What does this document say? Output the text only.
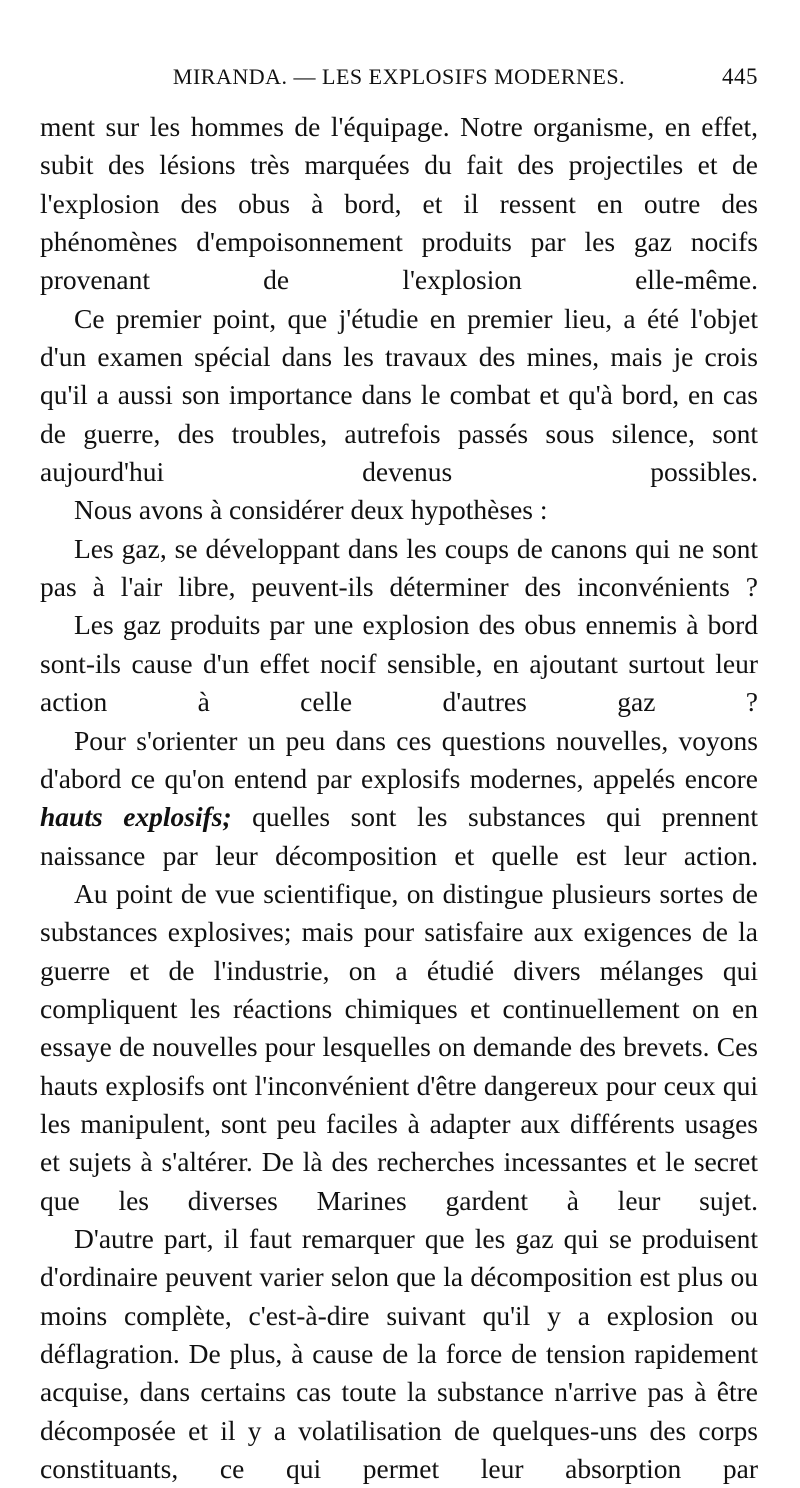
MIRANDA. — LES EXPLOSIFS MODERNES.	445

ment sur les hommes de l'équipage. Notre organisme, en effet, subit des lésions très marquées du fait des projectiles et de l'explosion des obus à bord, et il ressent en outre des phénomènes d'empoisonnement produits par les gaz nocifs provenant de l'explosion elle-même.

Ce premier point, que j'étudie en premier lieu, a été l'objet d'un examen spécial dans les travaux des mines, mais je crois qu'il a aussi son importance dans le combat et qu'à bord, en cas de guerre, des troubles, autrefois passés sous silence, sont aujourd'hui devenus possibles.

Nous avons à considérer deux hypothèses :

Les gaz, se développant dans les coups de canons qui ne sont pas à l'air libre, peuvent-ils déterminer des inconvénients ?

Les gaz produits par une explosion des obus ennemis à bord sont-ils cause d'un effet nocif sensible, en ajoutant surtout leur action à celle d'autres gaz ?

Pour s'orienter un peu dans ces questions nouvelles, voyons d'abord ce qu'on entend par explosifs modernes, appelés encore hauts explosifs; quelles sont les substances qui prennent naissance par leur décomposition et quelle est leur action.

Au point de vue scientifique, on distingue plusieurs sortes de substances explosives; mais pour satisfaire aux exigences de la guerre et de l'industrie, on a étudié divers mélanges qui compliquent les réactions chimiques et continuellement on en essaye de nouvelles pour lesquelles on demande des brevets. Ces hauts explosifs ont l'inconvénient d'être dangereux pour ceux qui les manipulent, sont peu faciles à adapter aux différents usages et sujets à s'altérer. De là des recherches incessantes et le secret que les diverses Marines gardent à leur sujet.

D'autre part, il faut remarquer que les gaz qui se produisent d'ordinaire peuvent varier selon que la décomposition est plus ou moins complète, c'est-à-dire suivant qu'il y a explosion ou déflagration. De plus, à cause de la force de tension rapidement acquise, dans certains cas toute la substance n'arrive pas à être décomposée et il y a volatilisation de quelques-uns des corps constituants, ce qui permet leur absorption par
